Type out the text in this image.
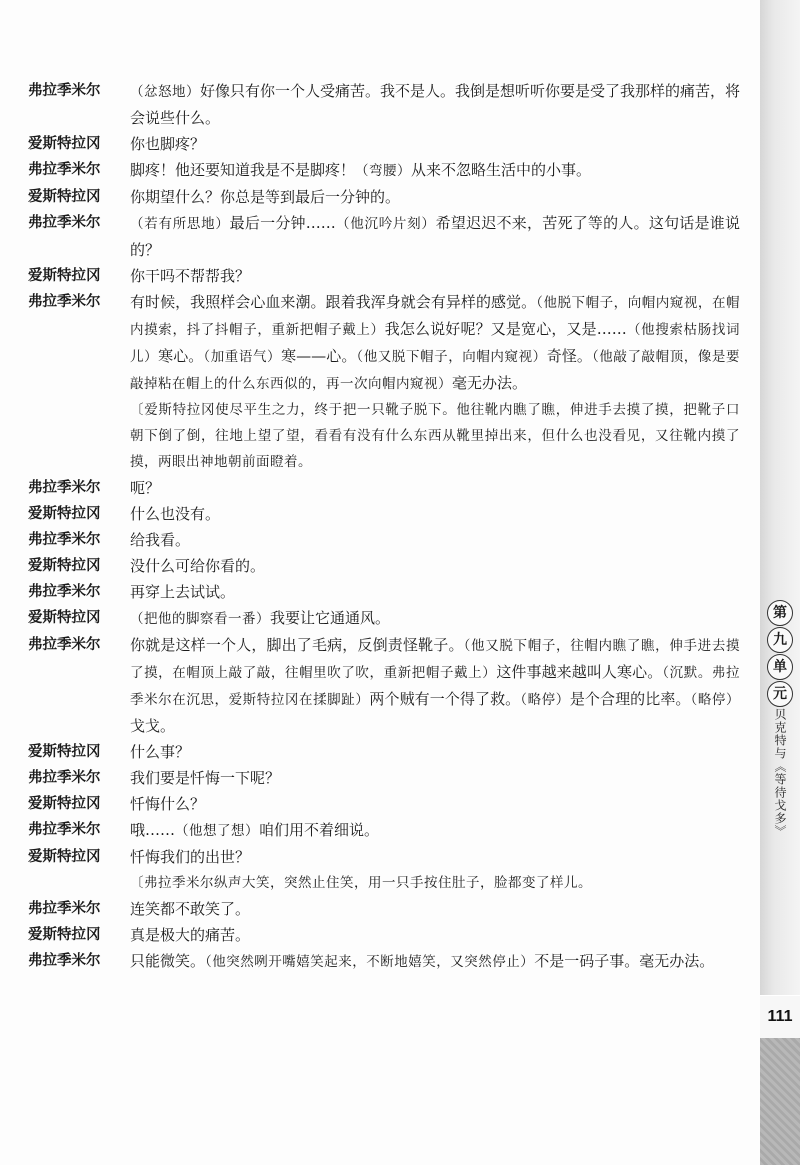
弗拉季米尔	（忿怒地）好像只有你一个人受痛苦。我不是人。我倒是想听听你要是受了我那样的痛苦，将会说些什么。
爱斯特拉冈	你也脚疼？
弗拉季米尔	脚疼！他还要知道我是不是脚疼！（弯腰）从来不忽略生活中的小事。
爱斯特拉冈	你期望什么？你总是等到最后一分钟的。
弗拉季米尔	（若有所思地）最后一分钟……（他沉吟片刻）希望迟迟不来，苦死了等的人。这句话是谁说的？
爱斯特拉冈	你干吗不帮帮我？
弗拉季米尔	有时候，我照样会心血来潮。跟着我浑身就会有异样的感觉。（他脱下帽子，向帽内窥视，在帽内摸索，抖了抖帽子，重新把帽子戴上）我怎么说好呢？又是宽心，又是……（他搜索枯肠找词儿）寒心。（加重语气）寒——心。（他又脱下帽子，向帽内窥视）奇怪。（他敲了敲帽顶，像是要敲掉粘在帽上的什么东西似的，再一次向帽内窥视）毫无办法。
〔爱斯特拉冈使尽平生之力，终于把一只靴子脱下。他往靴内瞧了瞧，伸进手去摸了摸，把靴子口朝下倒了倒，往地上望了望，看看有没有什么东西从靴里掉出来，但什么也没看见，又往靴内摸了摸，两眼出神地朝前面瞪着。
弗拉季米尔	呃？
爱斯特拉冈	什么也没有。
弗拉季米尔	给我看。
爱斯特拉冈	没什么可给你看的。
弗拉季米尔	再穿上去试试。
爱斯特拉冈	（把他的脚察看一番）我要让它通通风。
弗拉季米尔	你就是这样一个人，脚出了毛病，反倒责怪靴子。（他又脱下帽子，往帽内瞧了瞧，伸手进去摸了摸，在帽顶上敲了敲，往帽里吹了吹，重新把帽子戴上）这件事越来越叫人寒心。（沉默。弗拉季米尔在沉思，爱斯特拉冈在揉脚趾）两个贼有一个得了救。（略停）是个合理的比率。（略停）戈戈。
爱斯特拉冈	什么事？
弗拉季米尔	我们要是忏悔一下呢？
爱斯特拉冈	忏悔什么？
弗拉季米尔	哦……（他想了想）咱们用不着细说。
爱斯特拉冈	忏悔我们的出世？
〔弗拉季米尔纵声大笑，突然止住笑，用一只手按住肚子，脸都变了样儿。
弗拉季米尔	连笑都不敢笑了。
爱斯特拉冈	真是极大的痛苦。
弗拉季米尔	只能微笑。（他突然咧开嘴嬉笑起来，不断地嬉笑，又突然停止）不是一码子事。毫无办法。
第
九
单
元
贝克特与《等待戈多》
111
